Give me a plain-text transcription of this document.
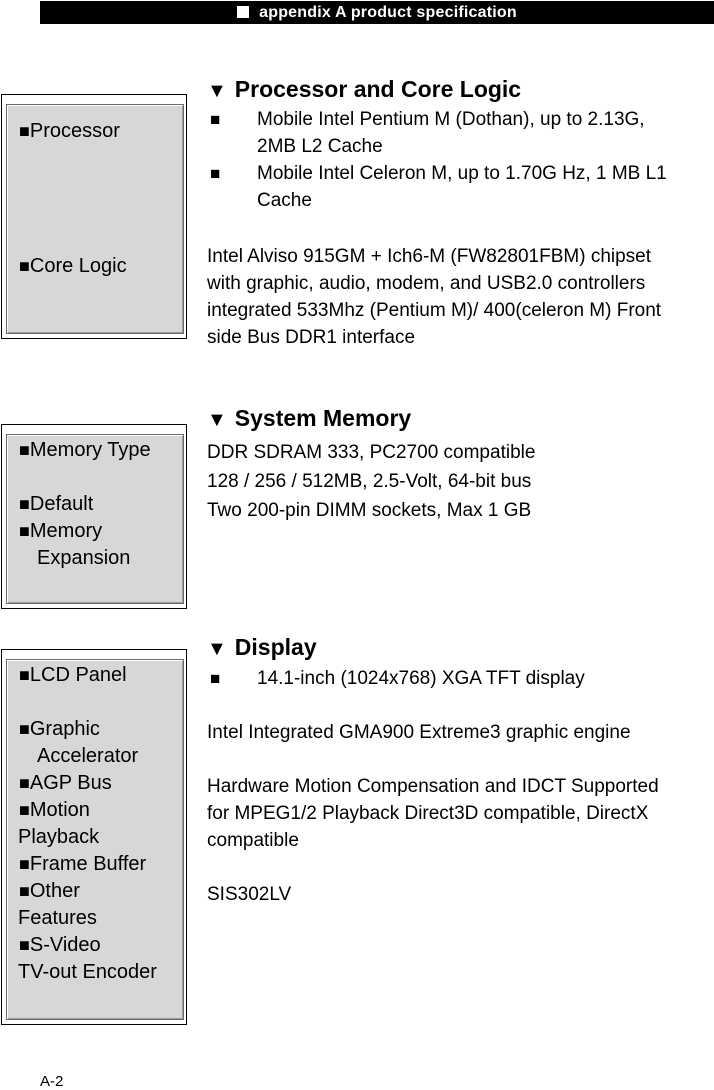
appendix A product specification
■Processor
■Core Logic
▼ Processor and Core Logic
■ Mobile Intel Pentium M (Dothan), up to 2.13G,
2MB L2 Cache
■ Mobile Intel Celeron M, up to 1.70G Hz, 1 MB L1
Cache
Intel Alviso 915GM + Ich6-M (FW82801FBM) chipset
with graphic, audio, modem, and USB2.0 controllers
integrated 533Mhz (Pentium M)/ 400(celeron M) Front
side Bus DDR1 interface
■Memory Type
■Default
■Memory
Expansion
▼ System Memory
DDR SDRAM 333, PC2700 compatible
128 / 256 / 512MB, 2.5-Volt, 64-bit bus
Two 200-pin DIMM sockets, Max 1 GB
■LCD Panel
■Graphic
Accelerator
■AGP Bus
■Motion
Playback
■Frame Buffer
■Other
Features
■S-Video
TV-out Encoder
▼ Display
■ 14.1-inch (1024x768) XGA TFT display
Intel Integrated GMA900 Extreme3 graphic engine
Hardware Motion Compensation and IDCT Supported
for MPEG1/2 Playback Direct3D compatible, DirectX
compatible
SIS302LV
A-2
